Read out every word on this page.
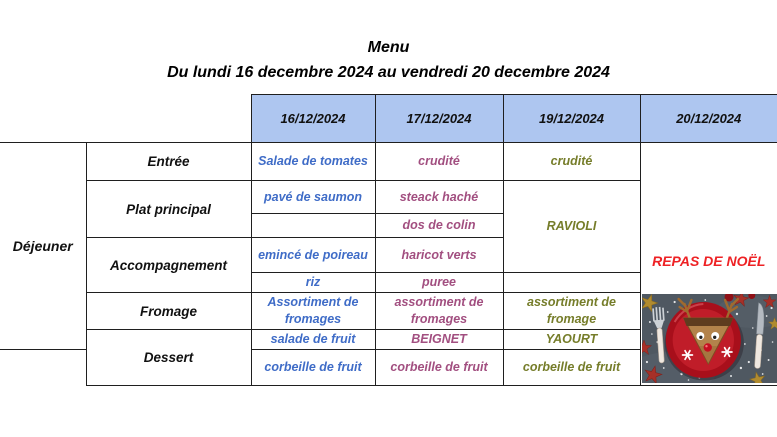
Menu
Du lundi 16 decembre 2024 au vendredi 20 decembre 2024
		16/12/2024	17/12/2024	19/12/2024	20/12/2024
Déjeuner	Entrée	Salade de tomates	crudité	crudité	REPAS DE NOËL

	Plat principal	pavé de saumon	steack haché	RAVIOLI	
			dos de colin		
	Accompagnement	emincé de poireau	haricot verts		
		riz	puree		
	Fromage	Assortiment de fromages	assortiment de fromages	assortiment de fromage	
	Dessert	salade de fruit	BEIGNET	YAOURT	
		corbeille de fruit	corbeille de fruit	corbeille de fruit	
